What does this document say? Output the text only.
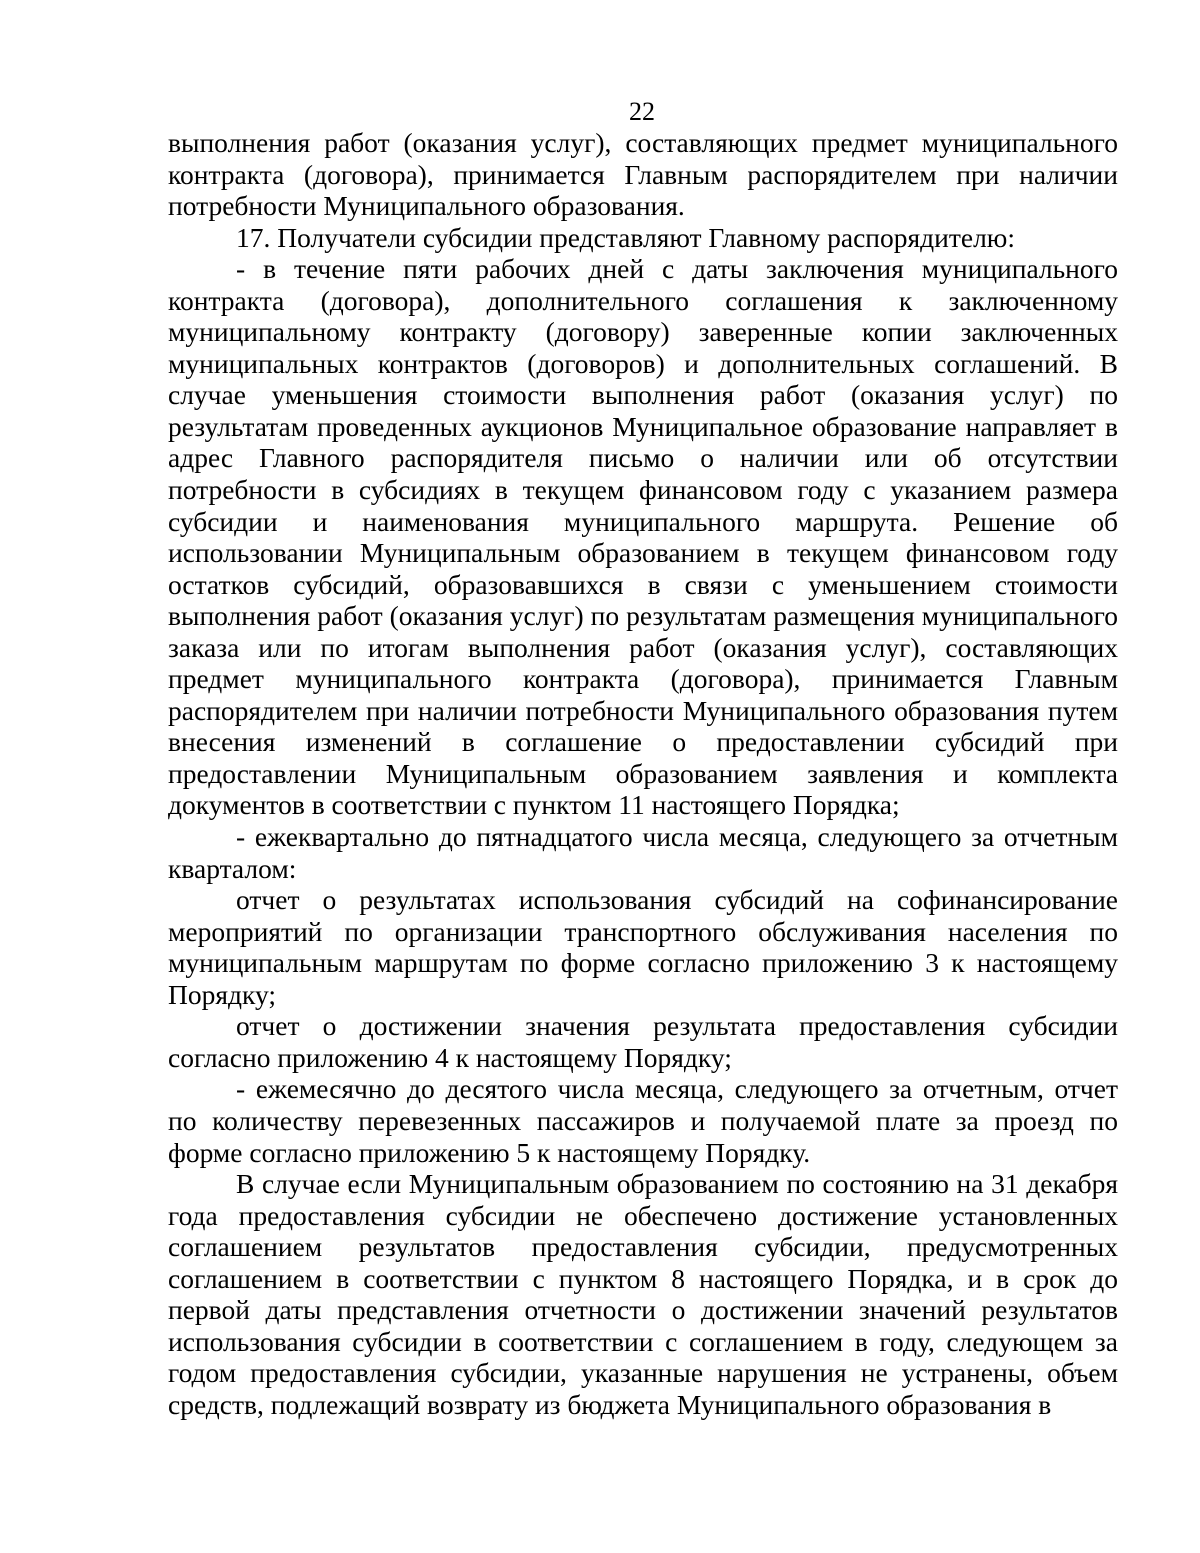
22

выполнения работ (оказания услуг), составляющих предмет муниципального контракта (договора), принимается Главным распорядителем при наличии потребности Муниципального образования.

17. Получатели субсидии представляют Главному распорядителю:

- в течение пяти рабочих дней с даты заключения муниципального контракта (договора), дополнительного соглашения к заключенному муниципальному контракту (договору) заверенные копии заключенных муниципальных контрактов (договоров) и дополнительных соглашений. В случае уменьшения стоимости выполнения работ (оказания услуг) по результатам проведенных аукционов Муниципальное образование направляет в адрес Главного распорядителя письмо о наличии или об отсутствии потребности в субсидиях в текущем финансовом году с указанием размера субсидии и наименования муниципального маршрута. Решение об использовании Муниципальным образованием в текущем финансовом году остатков субсидий, образовавшихся в связи с уменьшением стоимости выполнения работ (оказания услуг) по результатам размещения муниципального заказа или по итогам выполнения работ (оказания услуг), составляющих предмет муниципального контракта (договора), принимается Главным распорядителем при наличии потребности Муниципального образования путем внесения изменений в соглашение о предоставлении субсидий при предоставлении Муниципальным образованием заявления и комплекта документов в соответствии с пунктом 11 настоящего Порядка;

- ежеквартально до пятнадцатого числа месяца, следующего за отчетным кварталом:

отчет о результатах использования субсидий на софинансирование мероприятий по организации транспортного обслуживания населения по муниципальным маршрутам по форме согласно приложению 3 к настоящему Порядку;

отчет о достижении значения результата предоставления субсидии согласно приложению 4 к настоящему Порядку;

- ежемесячно до десятого числа месяца, следующего за отчетным, отчет по количеству перевезенных пассажиров и получаемой плате за проезд по форме согласно приложению 5 к настоящему Порядку.

В случае если Муниципальным образованием по состоянию на 31 декабря года предоставления субсидии не обеспечено достижение установленных соглашением результатов предоставления субсидии, предусмотренных соглашением в соответствии с пунктом 8 настоящего Порядка, и в срок до первой даты представления отчетности о достижении значений результатов использования субсидии в соответствии с соглашением в году, следующем за годом предоставления субсидии, указанные нарушения не устранены, объем средств, подлежащий возврату из бюджета Муниципального образования в
